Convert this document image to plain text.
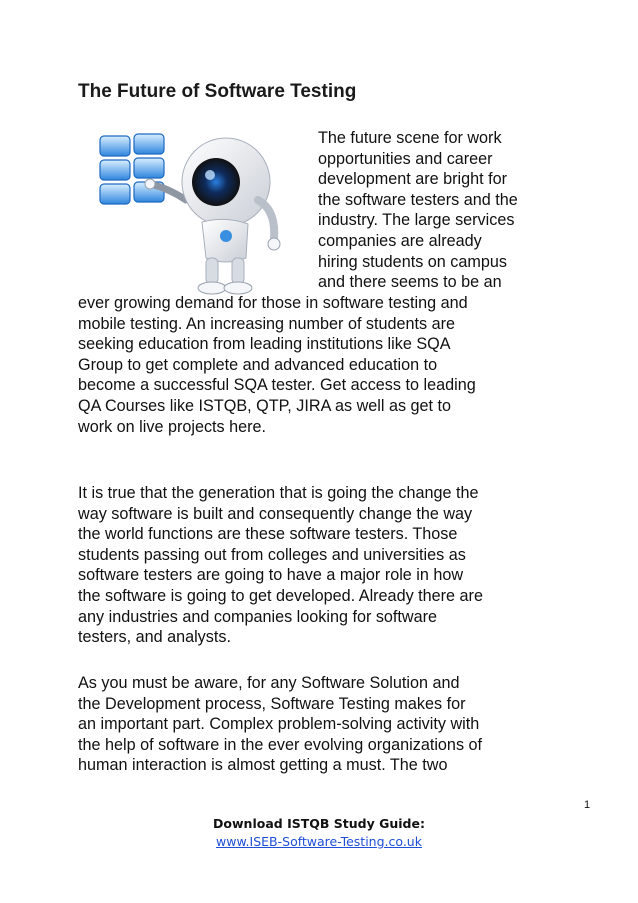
The Future of Software Testing
The future scene for work
opportunities and career
development are bright for
the software testers and the
industry. The large services
companies are already
hiring students on campus
and there seems to be an
ever growing demand for those in software testing and
mobile testing. An increasing number of students are
seeking education from leading institutions like SQA
Group to get complete and advanced education to
become a successful SQA tester. Get access to leading
QA Courses like ISTQB, QTP, JIRA as well as get to
work on live projects here.
It is true that the generation that is going the change the
way software is built and consequently change the way
the world functions are these software testers. Those
students passing out from colleges and universities as
software testers are going to have a major role in how
the software is going to get developed. Already there are
any industries and companies looking for software
testers, and analysts.
As you must be aware, for any Software Solution and
the Development process, Software Testing makes for
an important part. Complex problem-solving activity with
the help of software in the ever evolving organizations of
human interaction is almost getting a must. The two
1
Download ISTQB Study Guide:
www.ISEB-Software-Testing.co.uk
